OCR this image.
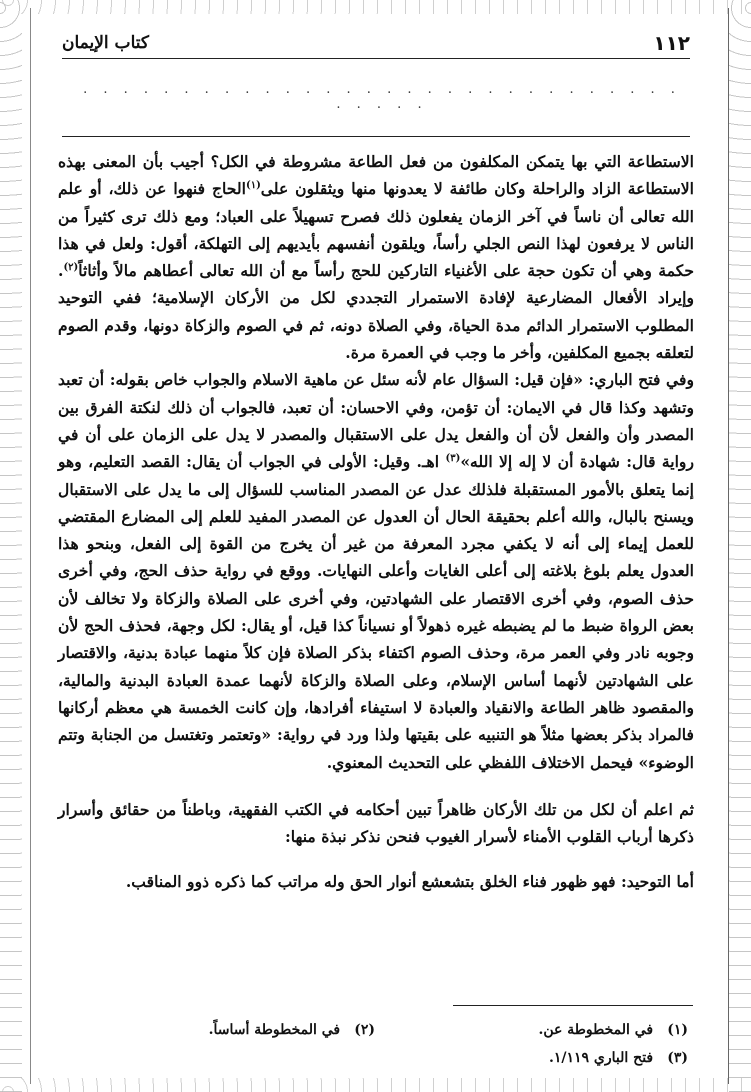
١١٢
كتاب الإيمان
. . . . . . . . . . . . . . . . . . . . . . . . . . . . . . . . . . .

الاستطاعة التي بها يتمكن المكلفون من فعل الطاعة مشروطة في الكل؟ أجيب بأن المعنى بهذه الاستطاعة الزاد والراحلة وكان طائفة لا يعدونها منها ويثقلون على$^{(١)}$الحاج فنهوا عن ذلك، أو علم الله تعالى أن ناساً في آخر الزمان يفعلون ذلك فصرح تسهيلاً على العباد؛ ومع ذلك ترى كثيراً من الناس لا يرفعون لهذا النص الجلي رأساً، ويلقون أنفسهم بأيديهم إلى التهلكة، أقول: ولعل في هذا حكمة وهي أن تكون حجة على الأغنياء التاركين للحج رأساً مع أن الله تعالى أعطاهم مالاً وأثاثاً$^{(٢)}$. وإيراد الأفعال المضارعية لإفادة الاستمرار التجددي لكل من الأركان الإسلامية؛ ففي التوحيد المطلوب الاستمرار الدائم مدة الحياة، وفي الصلاة دونه، ثم في الصوم والزكاة دونها، وقدم الصوم لتعلقه بجميع المكلفين، وأخر ما وجب في العمرة مرة.

وفي فتح الباري: «فإن قيل: السؤال عام لأنه سئل عن ماهية الاسلام والجواب خاص بقوله: أن تعبد وتشهد وكذا قال في الايمان: أن تؤمن، وفي الاحسان: أن تعبد، فالجواب أن ذلك لنكتة الفرق بين المصدر وأن والفعل لأن أن والفعل يدل على الاستقبال والمصدر لا يدل على الزمان على أن في رواية قال: شهادة أن لا إله إلا الله»$^{(٣)}$ اهـ. وقيل: الأولى في الجواب أن يقال: القصد التعليم، وهو إنما يتعلق بالأمور المستقبلة فلذلك عدل عن المصدر المناسب للسؤال إلى ما يدل على الاستقبال ويسنح بالبال، والله أعلم بحقيقة الحال أن العدول عن المصدر المفيد للعلم إلى المضارع المقتضي للعمل إيماء إلى أنه لا يكفي مجرد المعرفة من غير أن يخرج من القوة إلى الفعل، وبنحو هذا العدول يعلم بلوغ بلاغته إلى أعلى الغايات وأعلى النهايات. ووقع في رواية حذف الحج، وفي أخرى حذف الصوم، وفي أخرى الاقتصار على الشهادتين، وفي أخرى على الصلاة والزكاة ولا تخالف لأن بعض الرواة ضبط ما لم يضبطه غيره ذهولاً أو نسياناً كذا قيل، أو يقال: لكل وجهة، فحذف الحج لأن وجوبه نادر وفي العمر مرة، وحذف الصوم اكتفاء بذكر الصلاة فإن كلاً منهما عبادة بدنية، والاقتصار على الشهادتين لأنهما أساس الإسلام، وعلى الصلاة والزكاة لأنهما عمدة العبادة البدنية والمالية، والمقصود ظاهر الطاعة والانقياد والعبادة لا استيفاء أفرادها، وإن كانت الخمسة هي معظم أركانها فالمراد بذكر بعضها مثلاً هو التنبيه على بقيتها ولذا ورد في رواية: «وتعتمر وتغتسل من الجنابة وتتم الوضوء» فيحمل الاختلاف اللفظي على التحديث المعنوي.

ثم اعلم أن لكل من تلك الأركان ظاهراً تبين أحكامه في الكتب الفقهية، وباطناً من حقائق وأسرار ذكرها أرباب القلوب الأمناء لأسرار الغيوب فنحن نذكر نبذة منها:

أما التوحيد: فهو ظهور فناء الخلق بتشعشع أنوار الحق وله مراتب كما ذكره ذوو المناقب.

(١) في المخطوطة عن.
(٢) في المخطوطة أساساً.
(٣) فتح الباري ١/١١٩.
